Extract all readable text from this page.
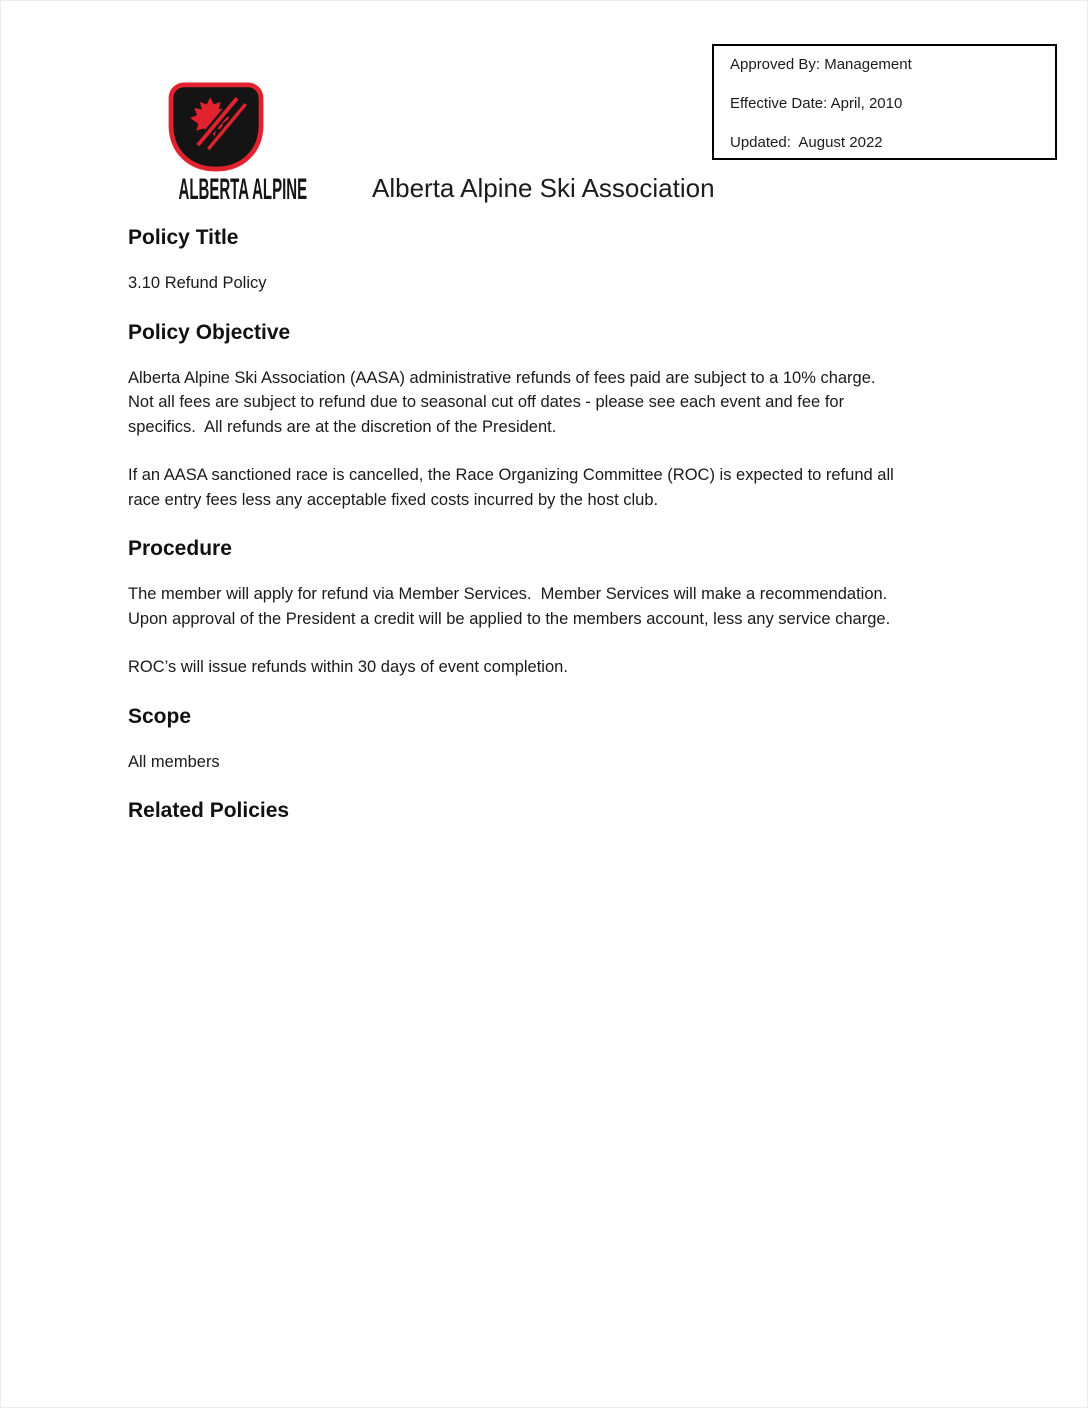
Approved By: Management

Effective Date: April, 2010

Updated:  August 2022

ALBERTA ALPINE Alberta Alpine Ski Association
Policy Title

3.10 Refund Policy

Policy Objective

Alberta Alpine Ski Association (AASA) administrative refunds of fees paid are subject to a 10% charge. Not all fees are subject to refund due to seasonal cut off dates - please see each event and fee for specifics.  All refunds are at the discretion of the President.

If an AASA sanctioned race is cancelled, the Race Organizing Committee (ROC) is expected to refund all race entry fees less any acceptable fixed costs incurred by the host club.

Procedure

The member will apply for refund via Member Services.  Member Services will make a recommendation. Upon approval of the President a credit will be applied to the members account, less any service charge.

ROC’s will issue refunds within 30 days of event completion.

Scope

All members

Related Policies
